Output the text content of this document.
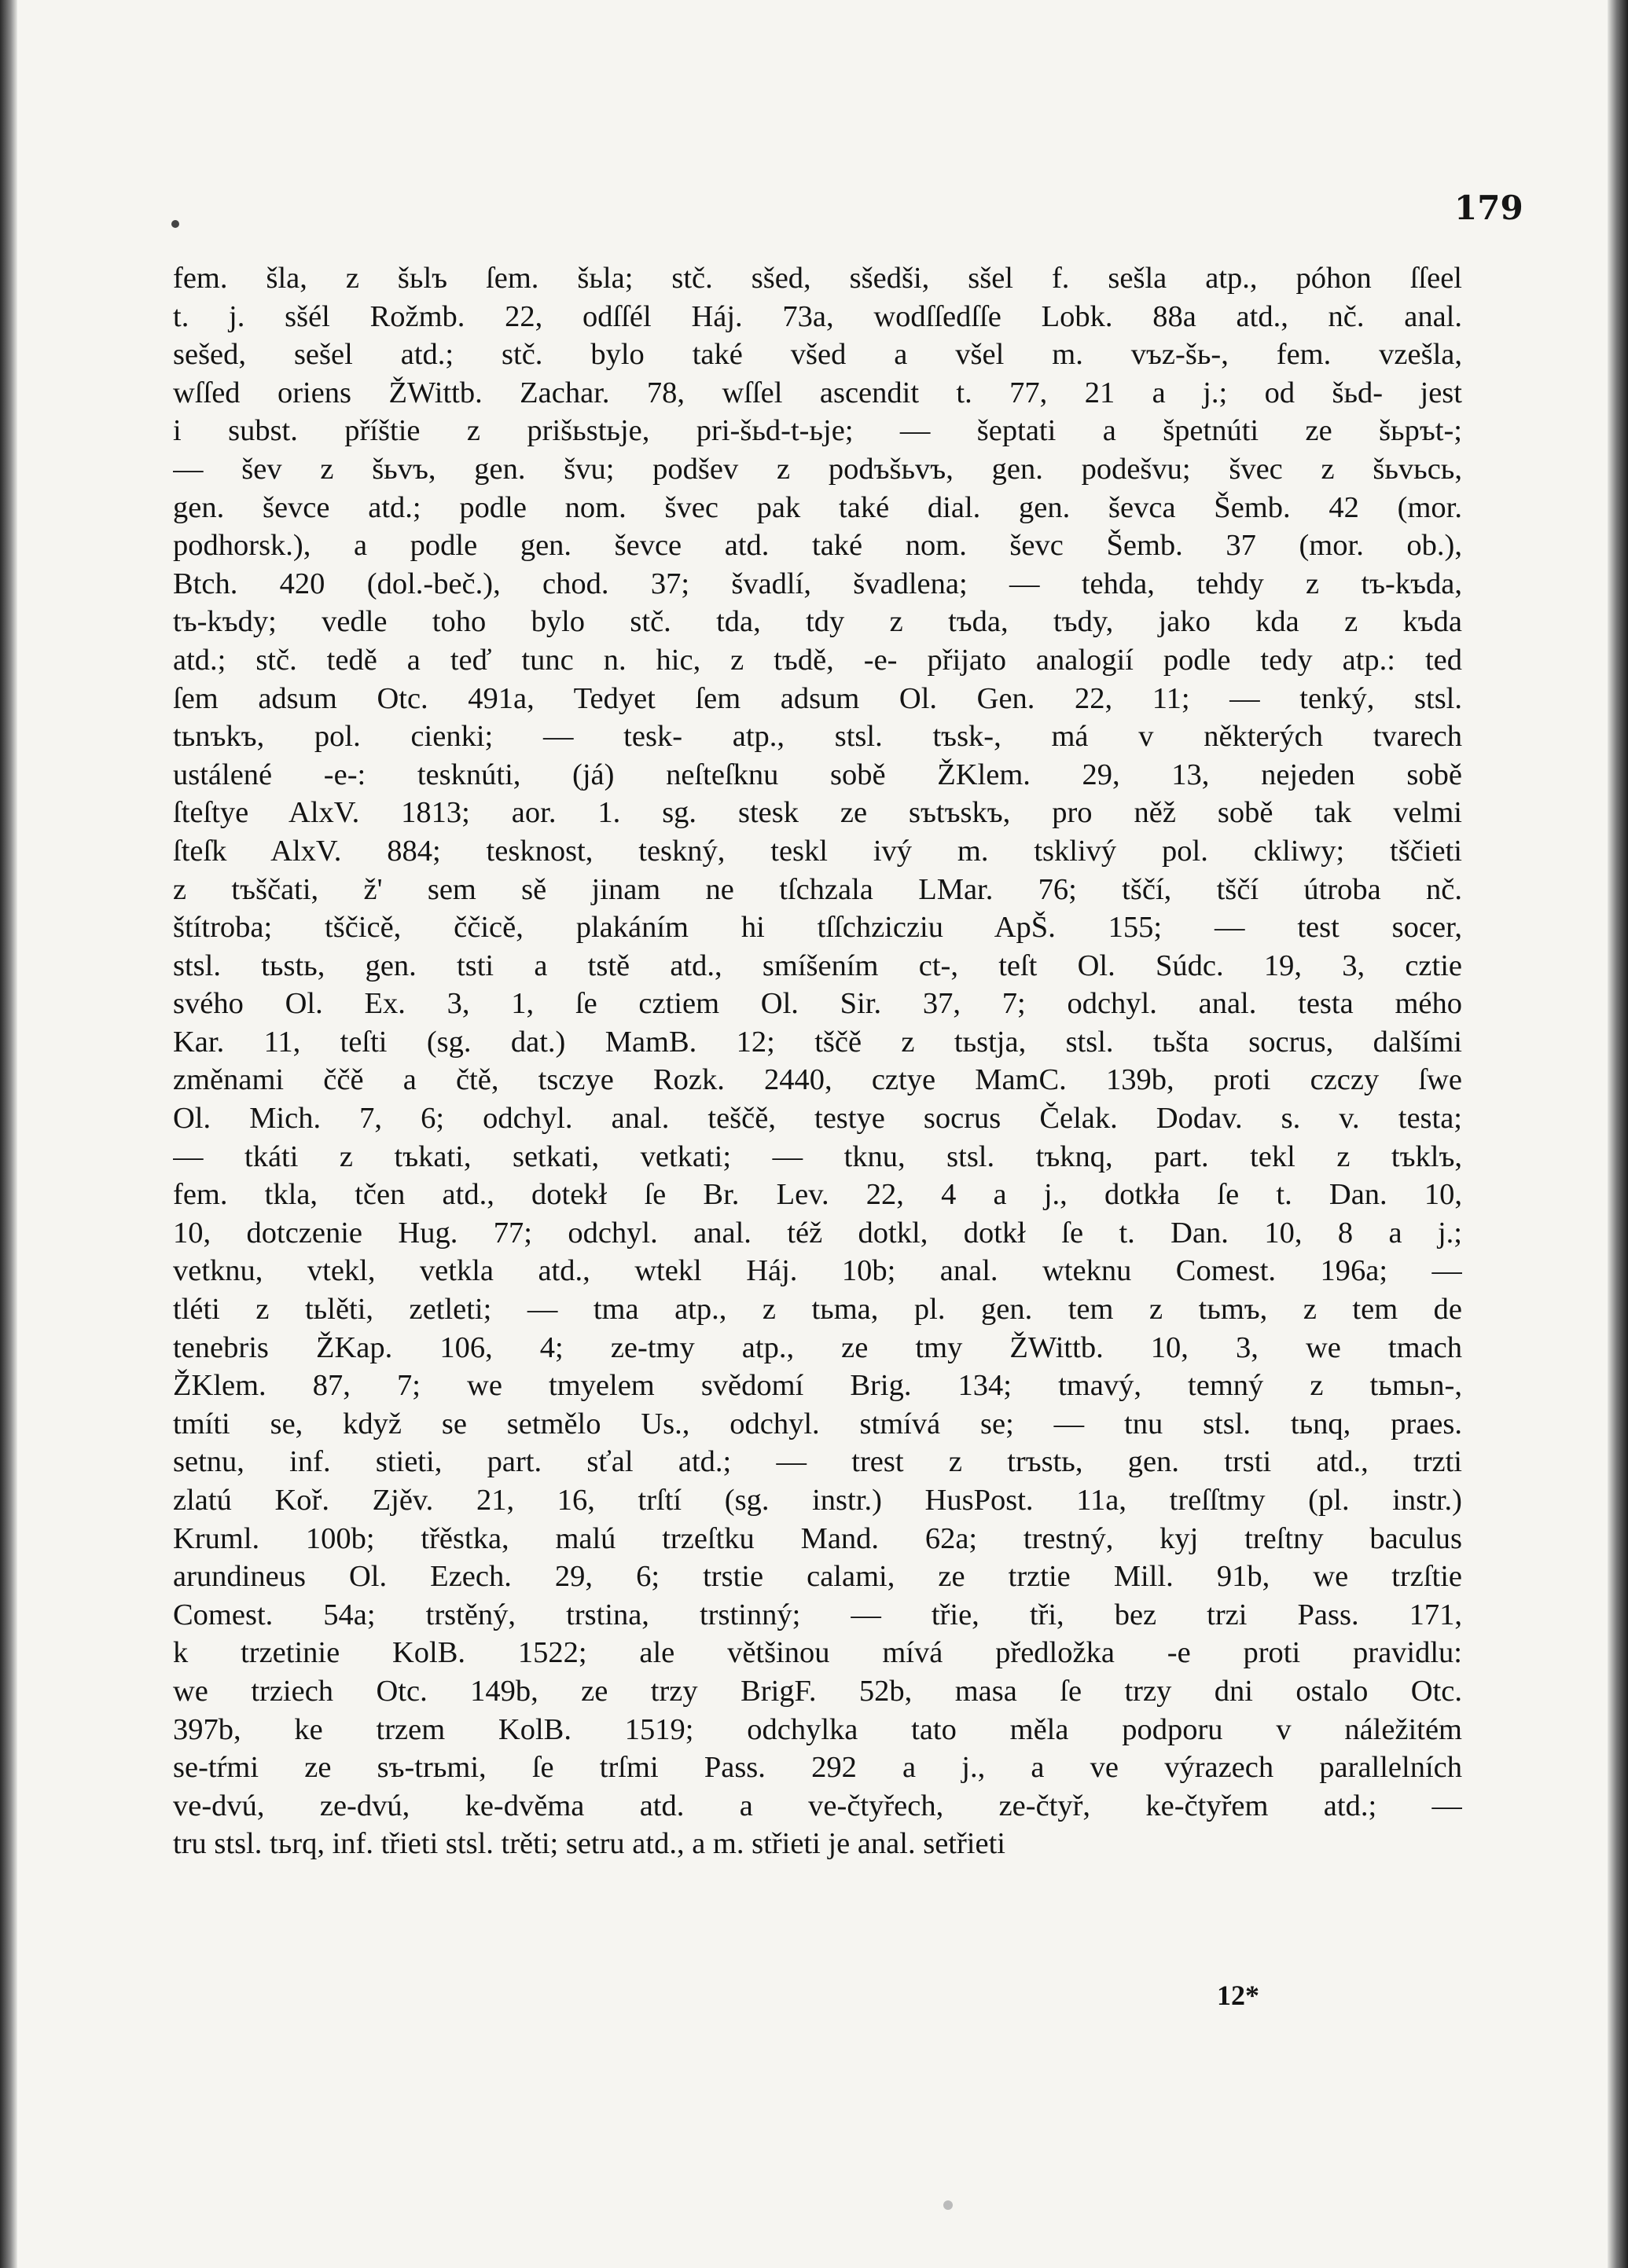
179
fem. šla, z šьlъ ſem. šьla; stč. sšed, sšedši, sšel f. sešla atp., póhon ſſeel
t. j. sšél Rožmb. 22, odſſél Háj. 73a, wodſſedſſe Lobk. 88a atd., nč. anal.
sešed, sešel atd.; stč. bylo také všed a všel m. vъz-šь-, fem. vzešla,
wſſed oriens ŽWittb. Zachar. 78, wſſel ascendit t. 77, 21 a j.; od šьd- jest
i subst. příštie z prišьstьje, pri-šьd-t-ьje; — šeptati a špetnúti ze šьpъt-;
— šev z šьvъ, gen. švu; podšev z podъšьvъ, gen. podešvu; švec z šьvьсь,
gen. ševce atd.; podle nom. švec pak také dial. gen. ševca Šemb. 42 (mor.
podhorsk.), a podle gen. ševce atd. také nom. ševc Šemb. 37 (mor. ob.),
Btch. 420 (dol.-beč.), chod. 37; švadlí, švadlena; — tehda, tehdy z tъ-kъda,
tъ-kъdy; vedle toho bylo stč. tda, tdy z tъda, tъdy, jako kda z kъda
atd.; stč. tedě a teď tunc n. hic, z tъdě, -e- přijato analogií podle tedy atp.: ted
ſem adsum Otc. 491a, Tedyet ſem adsum Ol. Gen. 22, 11; — tenký, stsl.
tьnъkъ, pol. cienki; — tesk- atp., stsl. tъsk-, má v některých tvarech
ustálené -e-: tesknúti, (já) neſteſknu sobě ŽKlem. 29, 13, nejeden sobě
ſteſtye AlxV. 1813; aor. 1. sg. stesk ze sъtъskъ, pro něž sobě tak velmi
ſteſk AlxV. 884; tesknost, teskný, teskl ivý m. tsklivý pol. ckliwy; tščieti
z tъščati, ž' sem sě jinam ne tſchzala LMar. 76; tščí, tščí útroba nč.
štítroba; tščicě, ččicě, plakáním hi tſſchzicziu ApŠ. 155; — test socer,
stsl. tьstь, gen. tsti a tstě atd., smíšením ct-, teſt Ol. Súdc. 19, 3, cztie
svého Ol. Ex. 3, 1, ſe cztiem Ol. Sir. 37, 7; odchyl. anal. testa mého
Kar. 11, teſti (sg. dat.) MamB. 12; tščě z tьstja, stsl. tьšta socrus, dalšími
změnami ččě a čtě, tsczye Rozk. 2440, cztye MamC. 139b, proti czczy ſwe
Ol. Mich. 7, 6; odchyl. anal. teščě, testye socrus Čelak. Dodav. s. v. testa;
— tkáti z tъkati, setkati, vetkati; — tknu, stsl. tъknq, part. tekl z tъklъ,
fem. tkla, tčen atd., dotekł ſe Br. Lev. 22, 4 a j., dotkła ſe t. Dan. 10,
10, dotczenie Hug. 77; odchyl. anal. též dotkl, dotkł ſe t. Dan. 10, 8 a j.;
vetknu, vtekl, vetkla atd., wtekl Háj. 10b; anal. wteknu Comest. 196a; —
tléti z tьlěti, zetleti; — tma atp., z tьma, pl. gen. tem z tьmъ, z tem de
tenebris ŽKap. 106, 4; ze-tmy atp., ze tmy ŽWittb. 10, 3, we tmach
ŽKlem. 87, 7; we tmyelem svědomí Brig. 134; tmavý, temný z tьmьn-,
tmíti se, když se setmělo Us., odchyl. stmívá se; — tnu stsl. tьnq, praes.
setnu, inf. stieti, part. sťal atd.; — trest z trъstь, gen. trsti atd., trzti
zlatú Koř. Zjěv. 21, 16, trſtí (sg. instr.) HusPost. 11a, treſſtmy (pl. instr.)
Kruml. 100b; třěstka, malú trzeſtku Mand. 62a; trestný, kyj treſtny baculus
arundineus Ol. Ezech. 29, 6; trstie calami, ze trztie Mill. 91b, we trzſtie
Comest. 54a; trstěný, trstina, trstinný; — třie, tři, bez trzi Pass. 171,
k trzetinie KolB. 1522; ale většinou mívá předložka -e proti pravidlu:
we trziech Otc. 149b, ze trzy BrigF. 52b, masa ſe trzy dni ostalo Otc.
397b, ke trzem KolB. 1519; odchylka tato měla podporu v náležitém
se-tŕmi ze sъ-trьmi, ſe trſmi Pass. 292 a j., a ve výrazech parallelních
ve-dvú, ze-dvú, ke-dvěma atd. a ve-čtyřech, ze-čtyř, ke-čtyřem atd.; —
tru stsl. tьrq, inf. třieti stsl. trěti; setru atd., a m. střieti je anal. setřieti
12*
